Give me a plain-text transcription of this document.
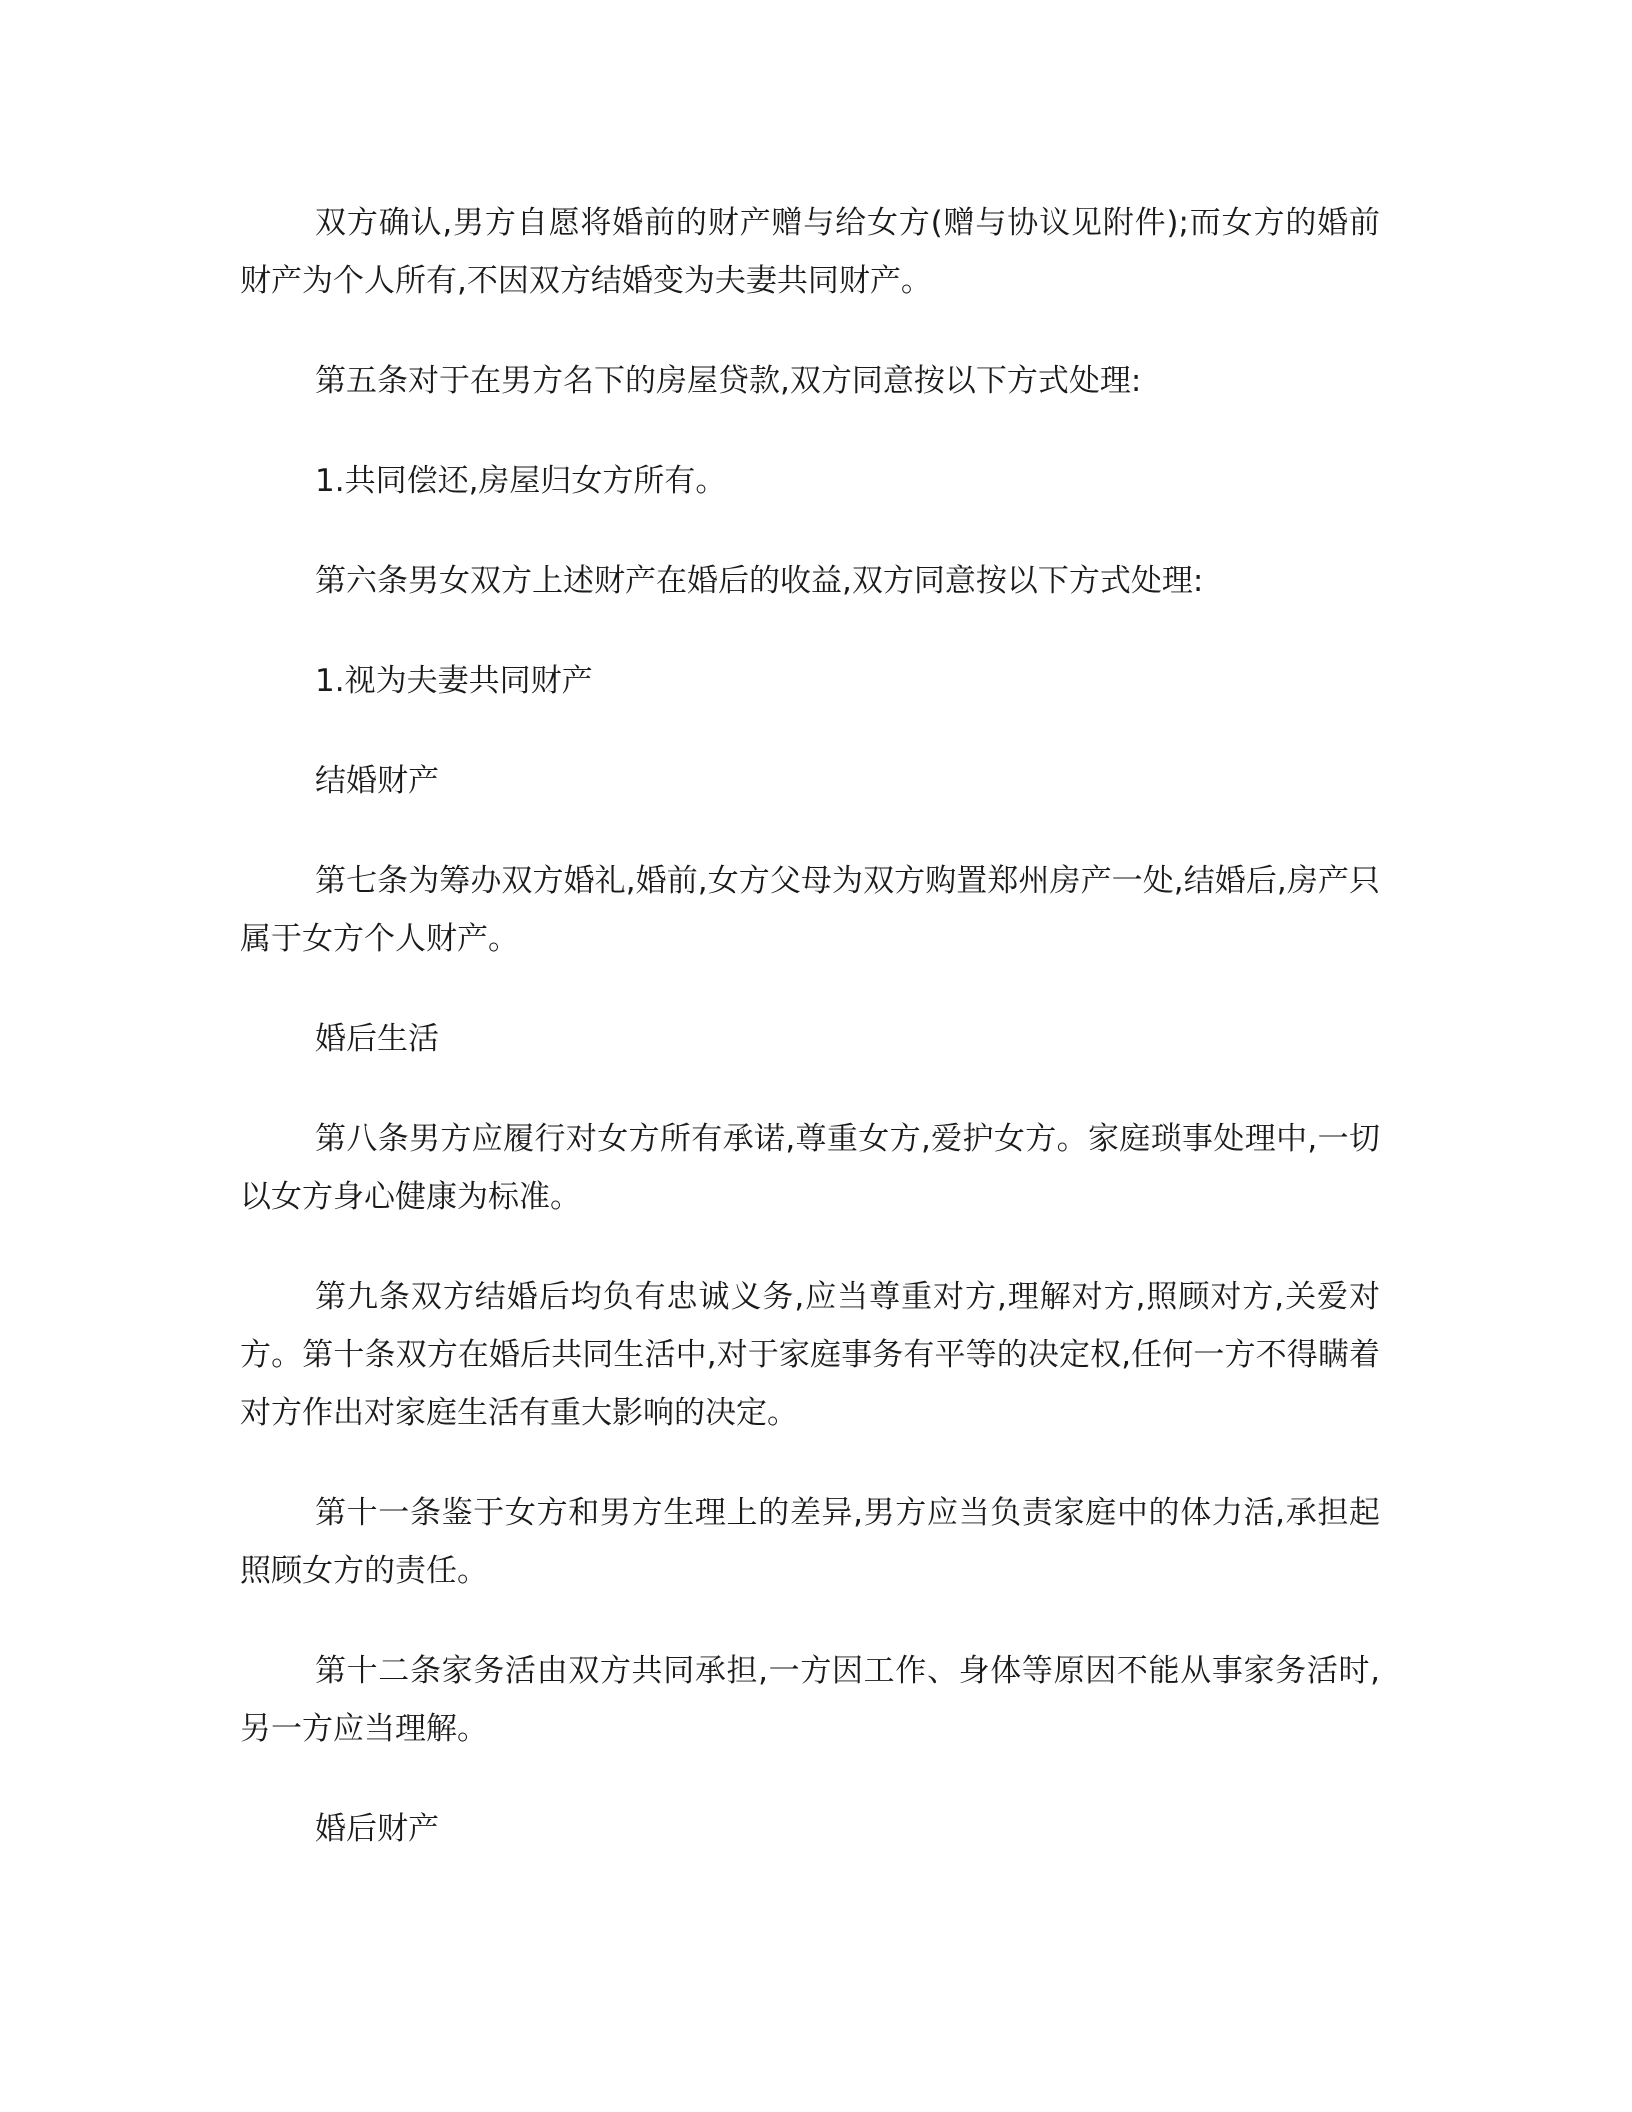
双方确认,男方自愿将婚前的财产赠与给女方(赠与协议见附件);而女方的婚前财产为个人所有,不因双方结婚变为夫妻共同财产。

第五条对于在男方名下的房屋贷款,双方同意按以下方式处理:

1.共同偿还,房屋归女方所有。

第六条男女双方上述财产在婚后的收益,双方同意按以下方式处理:

1.视为夫妻共同财产

结婚财产

第七条为筹办双方婚礼,婚前,女方父母为双方购置郑州房产一处,结婚后,房产只属于女方个人财产。

婚后生活

第八条男方应履行对女方所有承诺,尊重女方,爱护女方。家庭琐事处理中,一切以女方身心健康为标准。

第九条双方结婚后均负有忠诚义务,应当尊重对方,理解对方,照顾对方,关爱对方。第十条双方在婚后共同生活中,对于家庭事务有平等的决定权,任何一方不得瞒着对方作出对家庭生活有重大影响的决定。

第十一条鉴于女方和男方生理上的差异,男方应当负责家庭中的体力活,承担起照顾女方的责任。

第十二条家务活由双方共同承担,一方因工作、身体等原因不能从事家务活时,另一方应当理解。

婚后财产
